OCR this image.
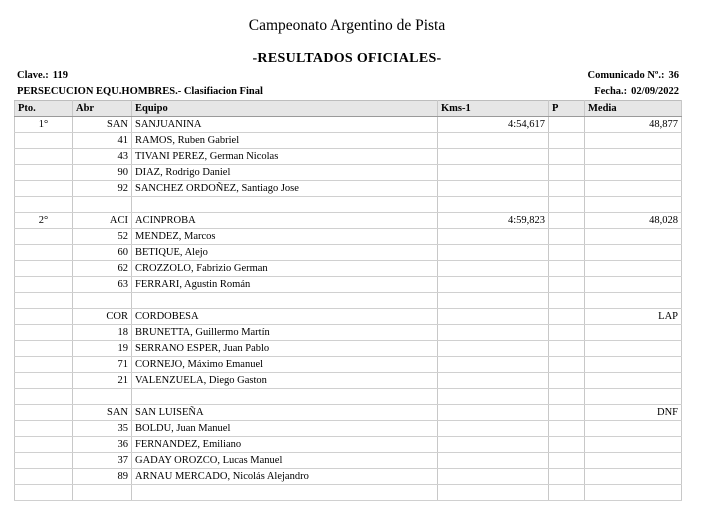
Campeonato Argentino de Pista
-RESULTADOS OFICIALES-
Clave.: 119	Comunicado Nº.: 36
PERSECUCION EQU.HOMBRES.- Clasifiacion Final	Fecha.: 02/09/2022
Pto.	Abr	Equipo	Kms-1	P	Media
1°	SAN	SANJUANINA	4:54,617		48,877
	41	RAMOS, Ruben Gabriel			
	43	TIVANI PEREZ, German Nicolas			
	90	DIAZ, Rodrigo Daniel			
	92	SANCHEZ ORDOÑEZ, Santiago Jose			

2°	ACI	ACINPROBA	4:59,823		48,028
	52	MENDEZ, Marcos			
	60	BETIQUE, Alejo			
	62	CROZZOLO, Fabrizio German			
	63	FERRARI, Agustin Román			

	COR	CORDOBESA			LAP
	18	BRUNETTA, Guillermo Martín			
	19	SERRANO ESPER, Juan Pablo			
	71	CORNEJO, Máximo Emanuel			
	21	VALENZUELA, Diego Gaston			

	SAN	SAN LUISEÑA			DNF
	35	BOLDU, Juan Manuel			
	36	FERNANDEZ, Emiliano			
	37	GADAY OROZCO, Lucas Manuel			
	89	ARNAU MERCADO, Nicolás Alejandro			
